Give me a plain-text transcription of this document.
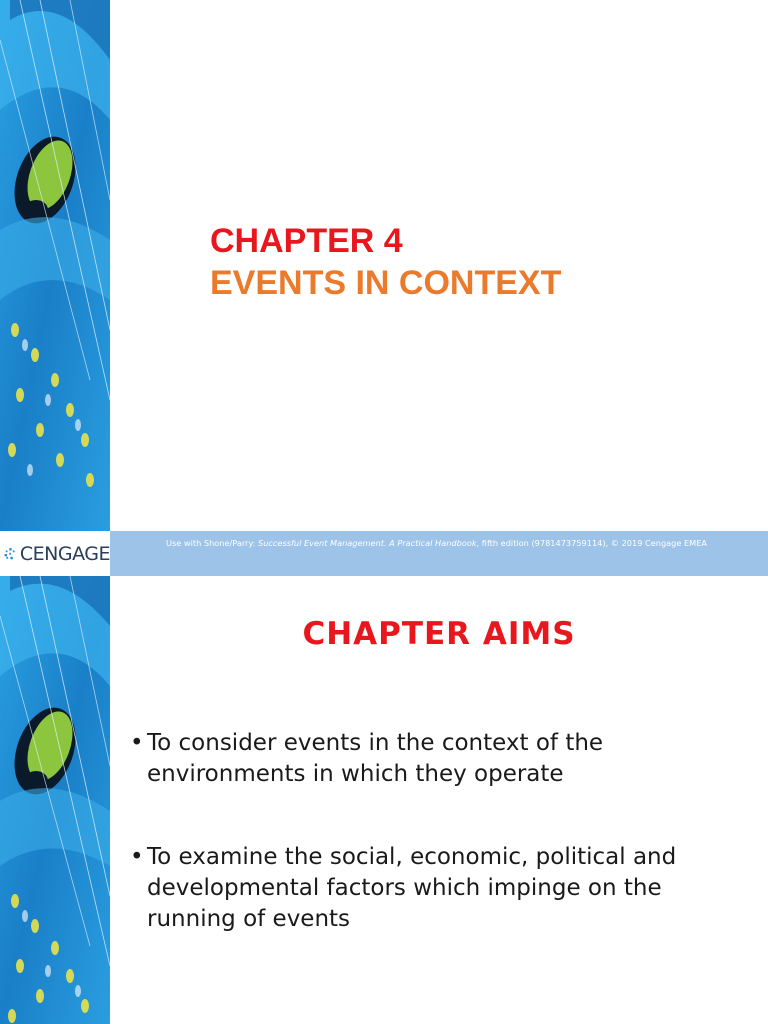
CHAPTER 4
EVENTS IN CONTEXT
CENGAGE	Use with Shone/Parry: Successful Event Management. A Practical Handbook, fifth edition (9781473759114), © 2019 Cengage EMEA
CHAPTER AIMS
• To consider events in the context of the environments in which they operate
• To examine the social, economic, political and developmental factors which impinge on the running of events
